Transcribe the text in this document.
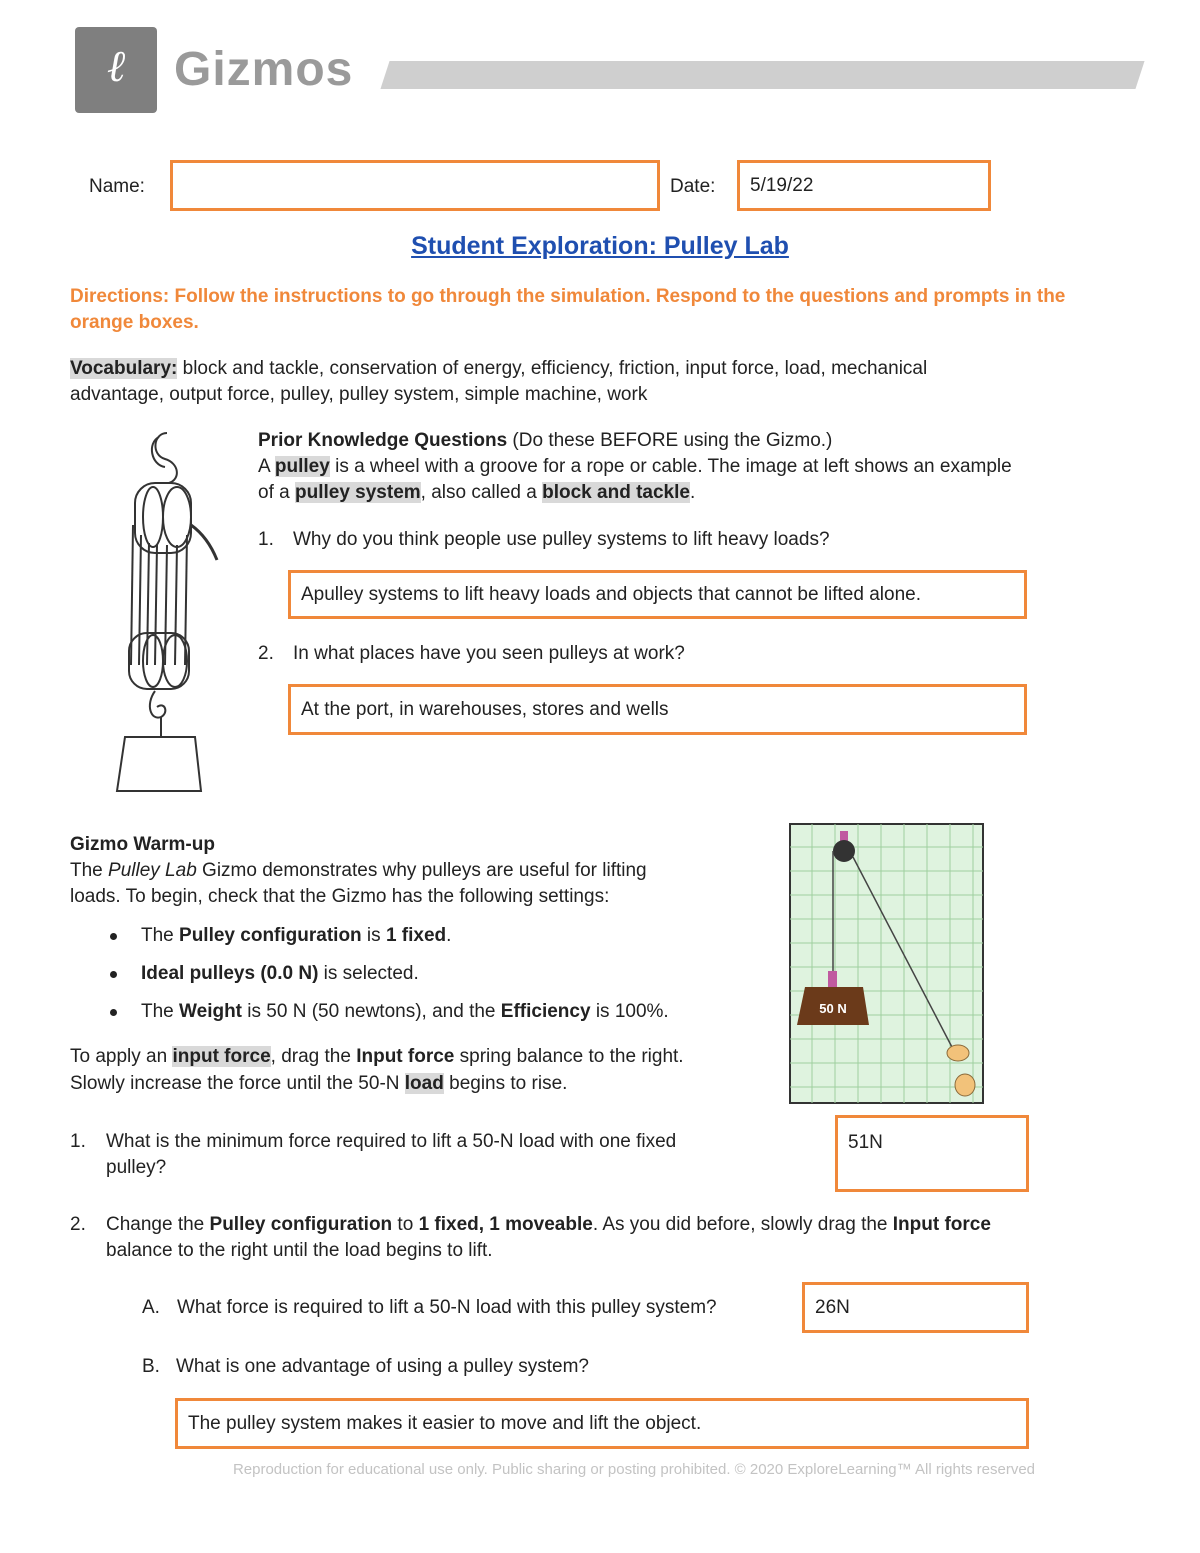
ℓ	Gizmos
Name:	Date: 5/19/22
Student Exploration: Pulley Lab
Directions: Follow the instructions to go through the simulation. Respond to the questions and prompts in the orange boxes.
Vocabulary: block and tackle, conservation of energy, efficiency, friction, input force, load, mechanical
advantage, output force, pulley, pulley system, simple machine, work
Prior Knowledge Questions (Do these BEFORE using the Gizmo.)
A pulley is a wheel with a groove for a rope or cable. The image at left shows an example
of a pulley system, also called a block and tackle.
1. Why do you think people use pulley systems to lift heavy loads?
Apulley systems to lift heavy loads and objects that cannot be lifted alone.
2. In what places have you seen pulleys at work?
At the port, in warehouses, stores and wells
Gizmo Warm-up
The Pulley Lab Gizmo demonstrates why pulleys are useful for lifting
loads. To begin, check that the Gizmo has the following settings:
The Pulley configuration is 1 fixed.
Ideal pulleys (0.0 N) is selected.
The Weight is 50 N (50 newtons), and the Efficiency is 100%.
To apply an input force, drag the Input force spring balance to the right.
Slowly increase the force until the 50-N load begins to rise.
50 N
1. What is the minimum force required to lift a 50-N load with one fixed
pulley?
51N
2. Change the Pulley configuration to 1 fixed, 1 moveable. As you did before, slowly drag the Input force
balance to the right until the load begins to lift.
A. What force is required to lift a 50-N load with this pulley system?	26N
B. What is one advantage of using a pulley system?
The pulley system makes it easier to move and lift the object.
Reproduction for educational use only. Public sharing or posting prohibited. © 2020 ExploreLearning™ All rights reserved
